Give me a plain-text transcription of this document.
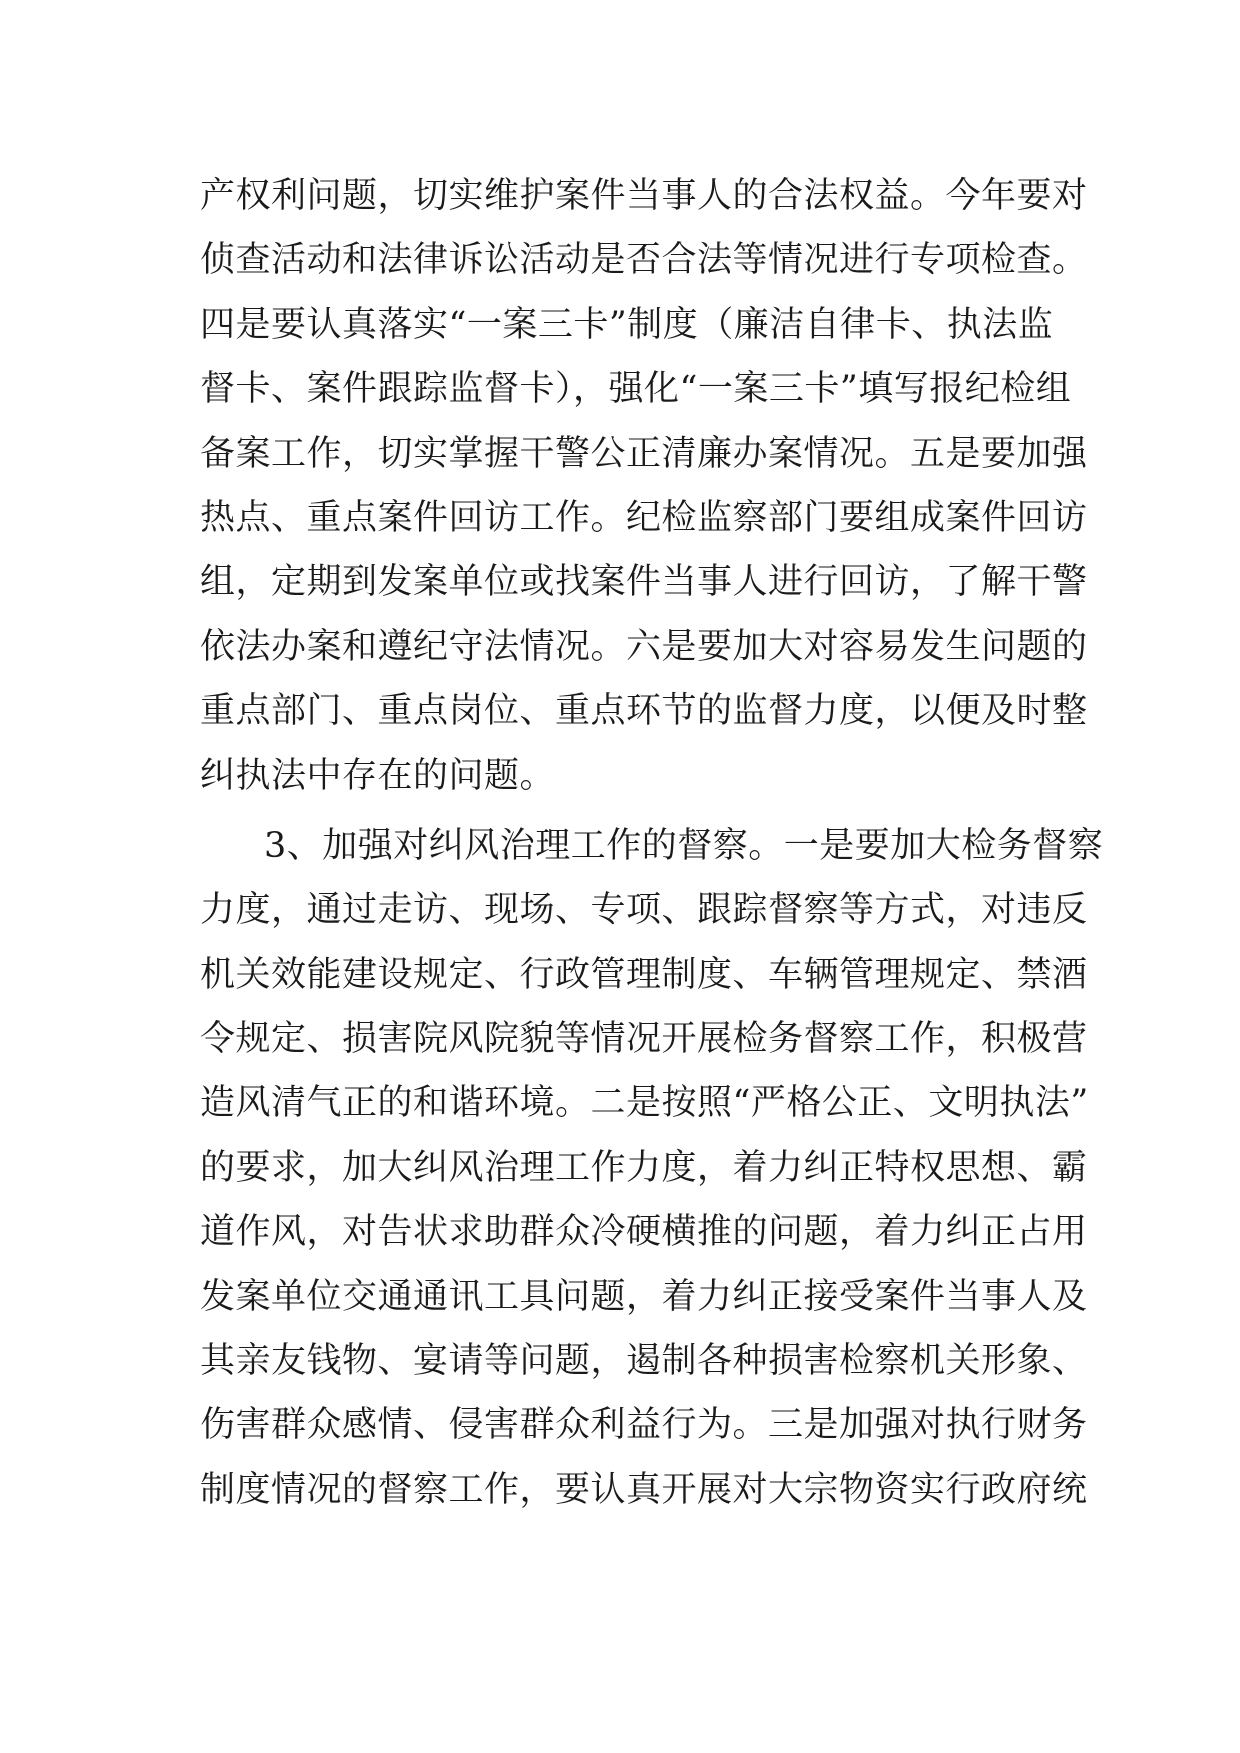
产权利问题，切实维护案件当事人的合法权益。今年要对
侦查活动和法律诉讼活动是否合法等情况进行专项检查。
四是要认真落实“一案三卡”制度（廉洁自律卡、执法监
督卡、案件跟踪监督卡），强化“一案三卡”填写报纪检组
备案工作，切实掌握干警公正清廉办案情况。五是要加强
热点、重点案件回访工作。纪检监察部门要组成案件回访
组，定期到发案单位或找案件当事人进行回访，了解干警
依法办案和遵纪守法情况。六是要加大对容易发生问题的
重点部门、重点岗位、重点环节的监督力度，以便及时整
纠执法中存在的问题。
3、加强对纠风治理工作的督察。一是要加大检务督察
力度，通过走访、现场、专项、跟踪督察等方式，对违反
机关效能建设规定、行政管理制度、车辆管理规定、禁酒
令规定、损害院风院貌等情况开展检务督察工作，积极营
造风清气正的和谐环境。二是按照“严格公正、文明执法”
的要求，加大纠风治理工作力度，着力纠正特权思想、霸
道作风，对告状求助群众冷硬横推的问题，着力纠正占用
发案单位交通通讯工具问题，着力纠正接受案件当事人及
其亲友钱物、宴请等问题，遏制各种损害检察机关形象、
伤害群众感情、侵害群众利益行为。三是加强对执行财务
制度情况的督察工作，要认真开展对大宗物资实行政府统
